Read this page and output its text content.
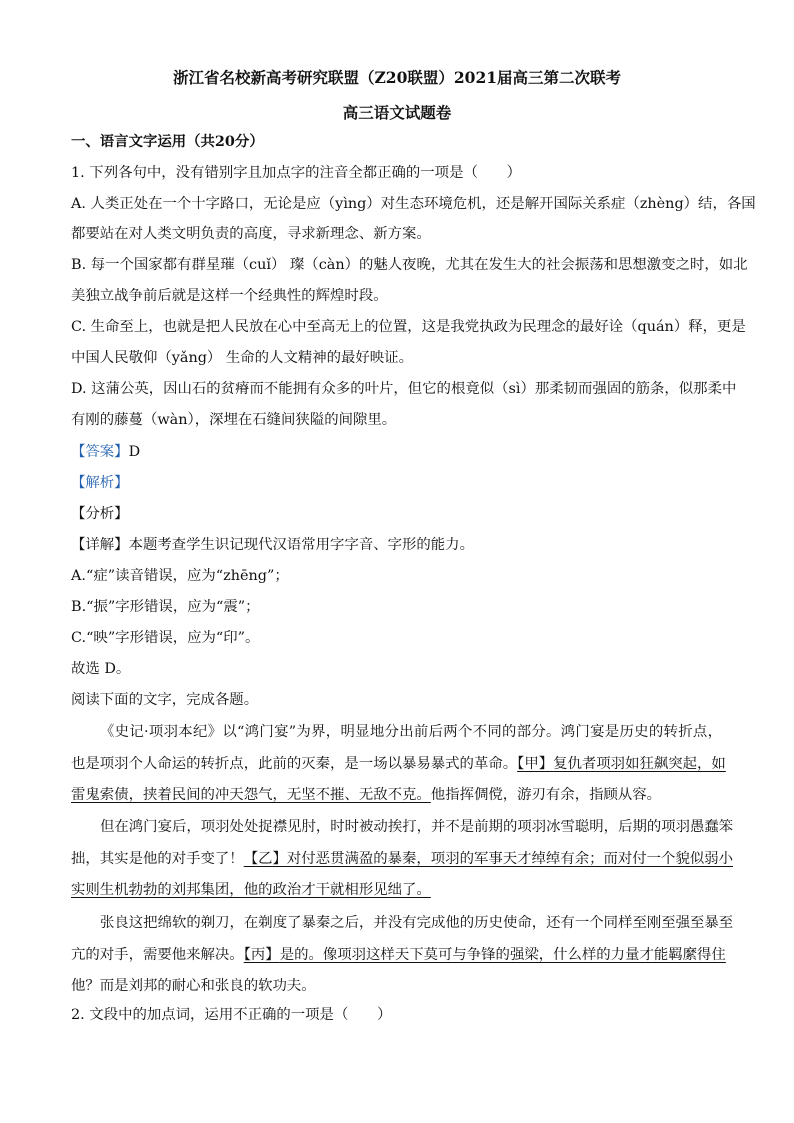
浙江省名校新高考研究联盟（Z20联盟）2021届高三第二次联考
高三语文试题卷
一、语言文字运用（共20分）
1. 下列各句中，没有错别字且加点字的注音全都正确的一项是（　　）
A. 人类正处在一个十字路口，无论是应（yìng）对生态环境危机，还是解开国际关系症（zhèng）结，各国
都要站在对人类文明负责的高度，寻求新理念、新方案。
B. 每一个国家都有群星璀（cuǐ） 璨（càn）的魅人夜晚，尤其在发生大的社会振荡和思想激变之时，如北
美独立战争前后就是这样一个经典性的辉煌时段。
C. 生命至上，也就是把人民放在心中至高无上的位置，这是我党执政为民理念的最好诠（quán）释，更是
中国人民敬仰（yǎng） 生命的人文精神的最好映证。
D. 这蒲公英，因山石的贫瘠而不能拥有众多的叶片，但它的根竟似（sì）那柔韧而强固的筋条，似那柔中
有刚的藤蔓（wàn），深埋在石缝间狭隘的间隙里。
【答案】D
【解析】
【分析】
【详解】本题考查学生识记现代汉语常用字字音、字形的能力。
A.“症”读音错误，应为“zhēng”；
B.“振”字形错误，应为“震”；
C.“映”字形错误，应为“印”。
故选 D。
阅读下面的文字，完成各题。
《史记·项羽本纪》以“鸿门宴”为界，明显地分出前后两个不同的部分。鸿门宴是历史的转折点，
也是项羽个人命运的转折点，此前的灭秦，是一场以暴易暴式的革命。【甲】复仇者项羽如狂飙突起，如
雷鬼索债，挟着民间的冲天怨气，无坚不摧、无敌不克。他指挥倜傥，游刃有余，指顾从容。
但在鸿门宴后，项羽处处捉襟见肘，时时被动挨打，并不是前期的项羽冰雪聪明，后期的项羽愚蠢笨
拙，其实是他的对手变了！【乙】对付恶贯满盈的暴秦，项羽的军事天才绰绰有余；而对付一个貌似弱小
实则生机勃勃的刘邦集团，他的政治才干就相形见绌了。
张良这把绵软的剃刀，在剃度了暴秦之后，并没有完成他的历史使命，还有一个同样至刚至强至暴至
亢的对手，需要他来解决。【丙】是的。像项羽这样天下莫可与争锋的强梁，什么样的力量才能羁縻得住
他？而是刘邦的耐心和张良的软功夫。
2. 文段中的加点词，运用不正确的一项是（　　）
